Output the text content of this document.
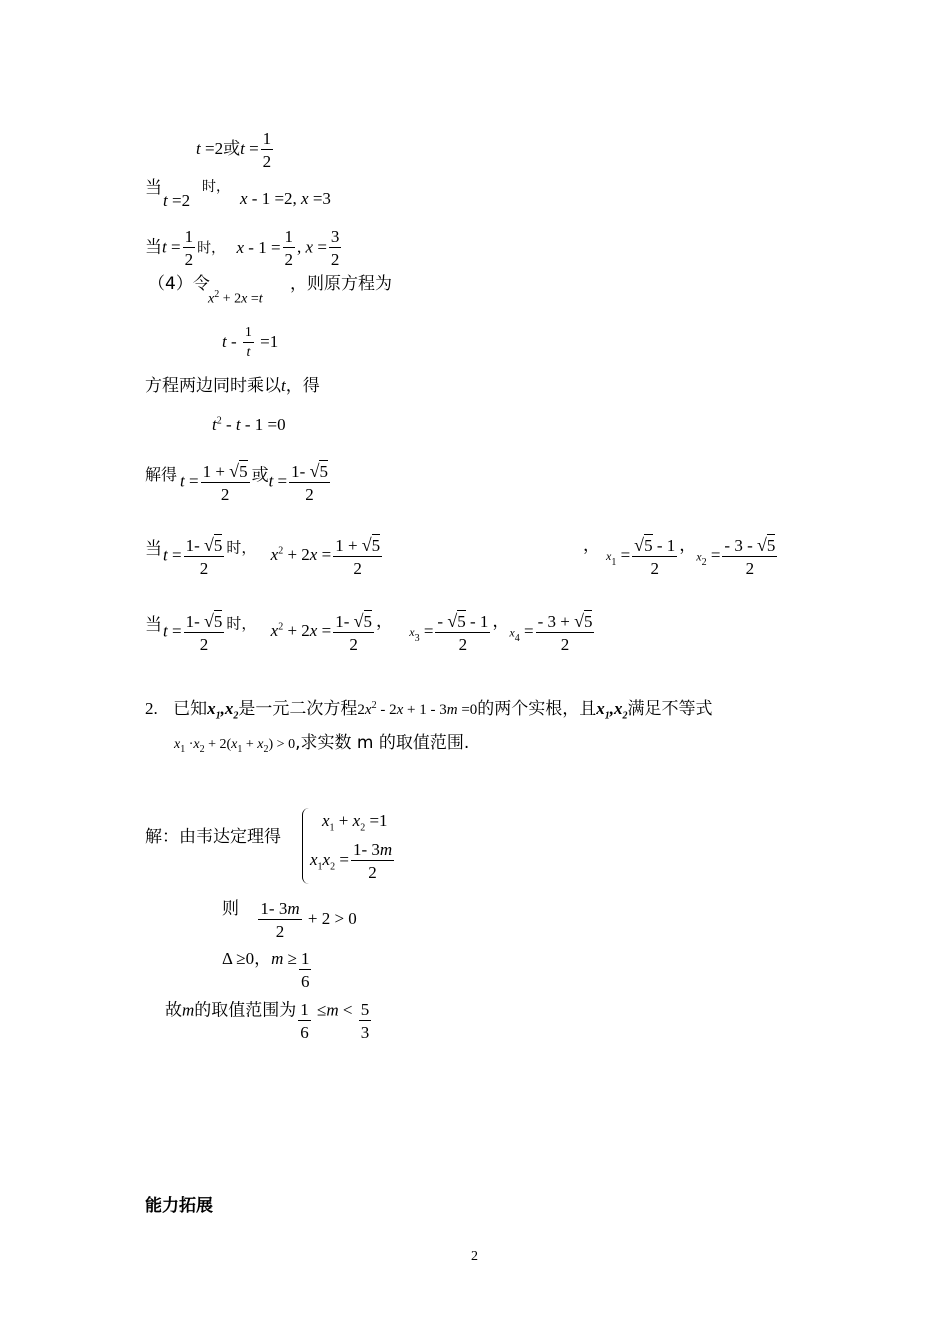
t =2或$t = \frac{1}{2}$
当
t =2
时，
x - 1 =2, x =3
当$t = \frac{1}{2}$ 时， $x - 1 = \frac{1}{2}$ , $x = \frac{3}{2}$
（4）令
$x^2 + 2x =t$
，则原方程为
$t - \frac{1}{t} =1$
方程两边同时乘以t，得
$t^2 - t - 1 =0$
解得 $t = \frac{1 + √5}{2}$ 或$t = \frac{1- √5}{2}$
当 $t = \frac{1- √5}{2}$ 时， $x^2 + 2x = \frac{1 + √5}{2}$	，$x_1 = \frac{√5 - 1}{2}$ ，$x_2 = \frac{- 3 - √5}{2}$
当 $t = \frac{1- √5}{2}$ 时， $x^2 + 2x = \frac{1- √5}{2}$ ， $x_3 = \frac{- √5 - 1}{2}$ ，$x_4 = \frac{- 3 + √5}{2}$
2. 已知$x_1,x_2$是一元二次方程$2x^2 - 2x + 1 - 3m =0$的两个实根，且$x_1,x_2$满足不等式
$x_1 \cdot x_2 + 2(x_1 + x_2) > 0$,求实数 m 的取值范围.
解：由韦达定理得
$x_1 + x_2 =1$
$x_1x_2 = \frac{1- 3m}{2}$
则 $\frac{1- 3m}{2} + 2 > 0$
Δ ≥0，$m \ge \frac{1}{6}$
故m的取值范围为 $\frac{1}{6} \le m < \frac{5}{3}$
能力拓展
2
